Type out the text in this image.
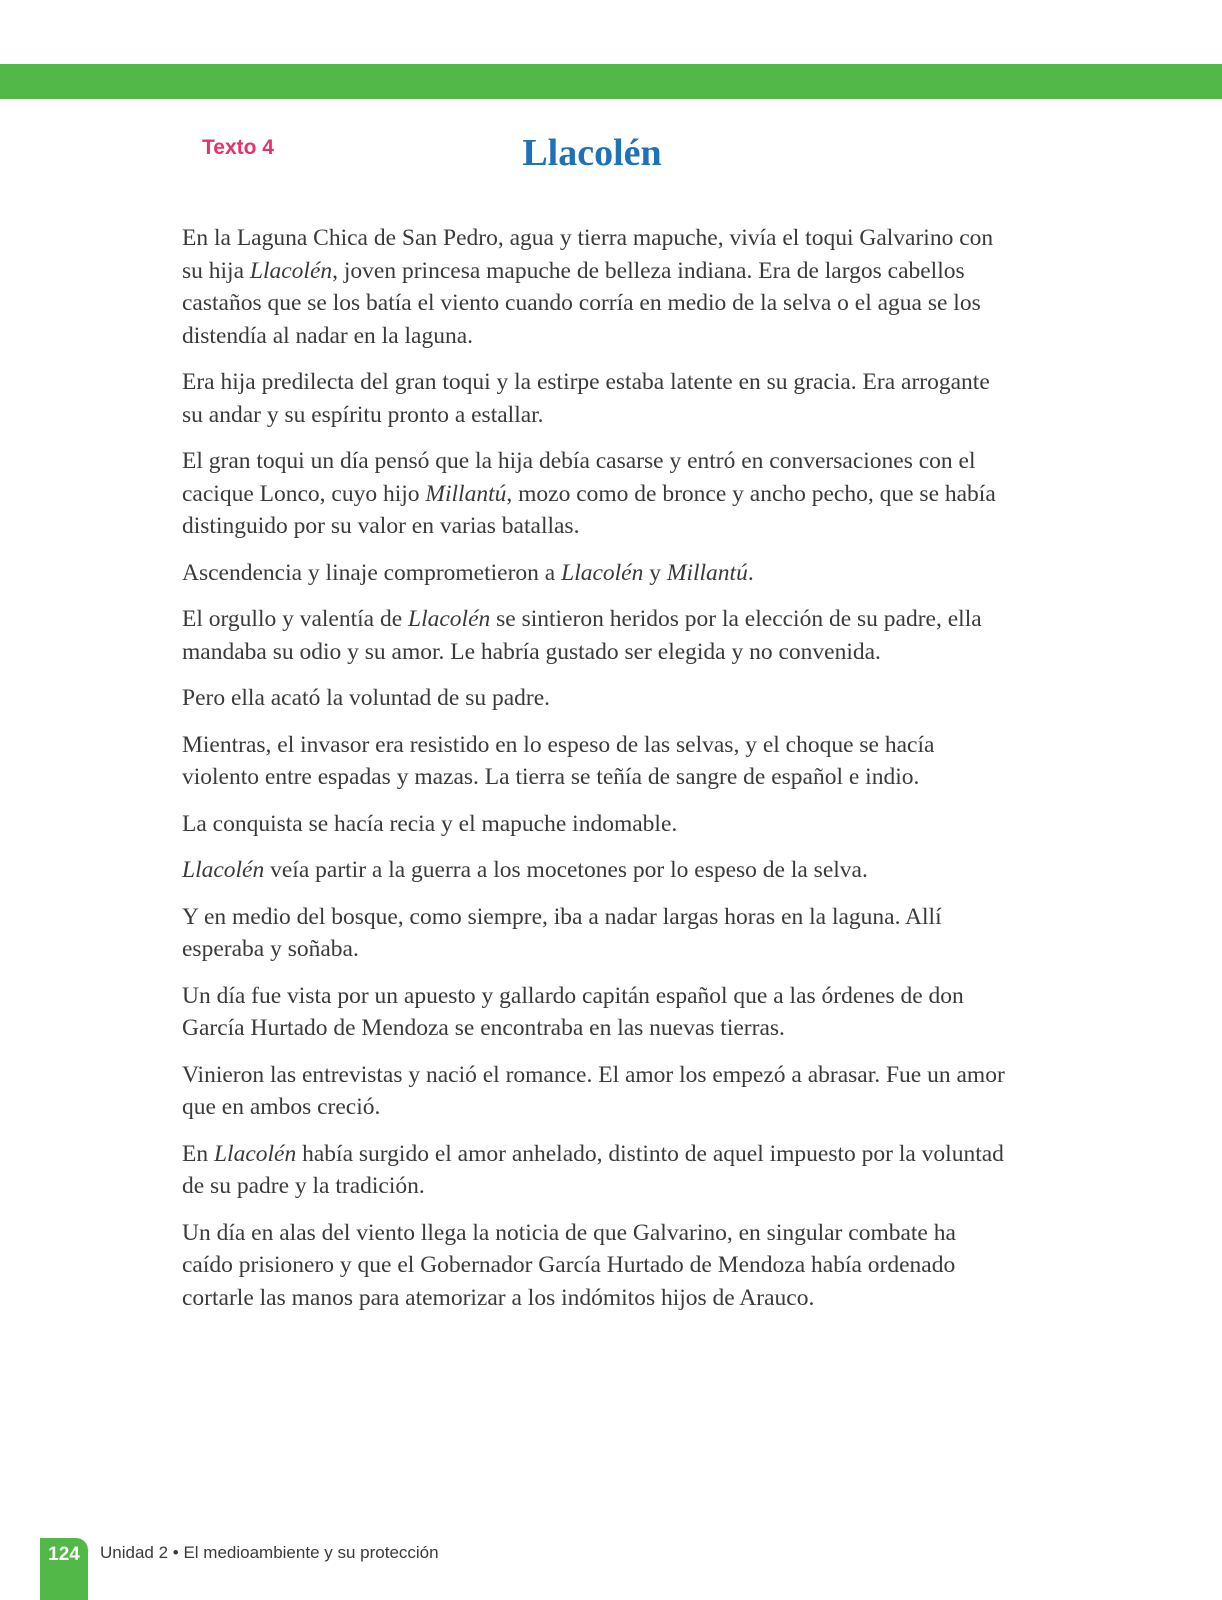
Texto 4	Llacolén

En la Laguna Chica de San Pedro, agua y tierra mapuche, vivía el toqui Galvarino con su hija Llacolén, joven princesa mapuche de belleza indiana. Era de largos cabellos castaños que se los batía el viento cuando corría en medio de la selva o el agua se los distendía al nadar en la laguna.

Era hija predilecta del gran toqui y la estirpe estaba latente en su gracia. Era arrogante su andar y su espíritu pronto a estallar.

El gran toqui un día pensó que la hija debía casarse y entró en conversaciones con el cacique Lonco, cuyo hijo Millantú, mozo como de bronce y ancho pecho, que se había distinguido por su valor en varias batallas.

Ascendencia y linaje comprometieron a Llacolén y Millantú.

El orgullo y valentía de Llacolén se sintieron heridos por la elección de su padre, ella mandaba su odio y su amor. Le habría gustado ser elegida y no convenida.

Pero ella acató la voluntad de su padre.

Mientras, el invasor era resistido en lo espeso de las selvas, y el choque se hacía violento entre espadas y mazas. La tierra se teñía de sangre de español e indio.

La conquista se hacía recia y el mapuche indomable.

Llacolén veía partir a la guerra a los mocetones por lo espeso de la selva.

Y en medio del bosque, como siempre, iba a nadar largas horas en la laguna. Allí esperaba y soñaba.

Un día fue vista por un apuesto y gallardo capitán español que a las órdenes de don García Hurtado de Mendoza se encontraba en las nuevas tierras.

Vinieron las entrevistas y nació el romance. El amor los empezó a abrasar. Fue un amor que en ambos creció.

En Llacolén había surgido el amor anhelado, distinto de aquel impuesto por la voluntad de su padre y la tradición.

Un día en alas del viento llega la noticia de que Galvarino, en singular combate ha caído prisionero y que el Gobernador García Hurtado de Mendoza había ordenado cortarle las manos para atemorizar a los indómitos hijos de Arauco.

124	Unidad 2 • El medioambiente y su protección
